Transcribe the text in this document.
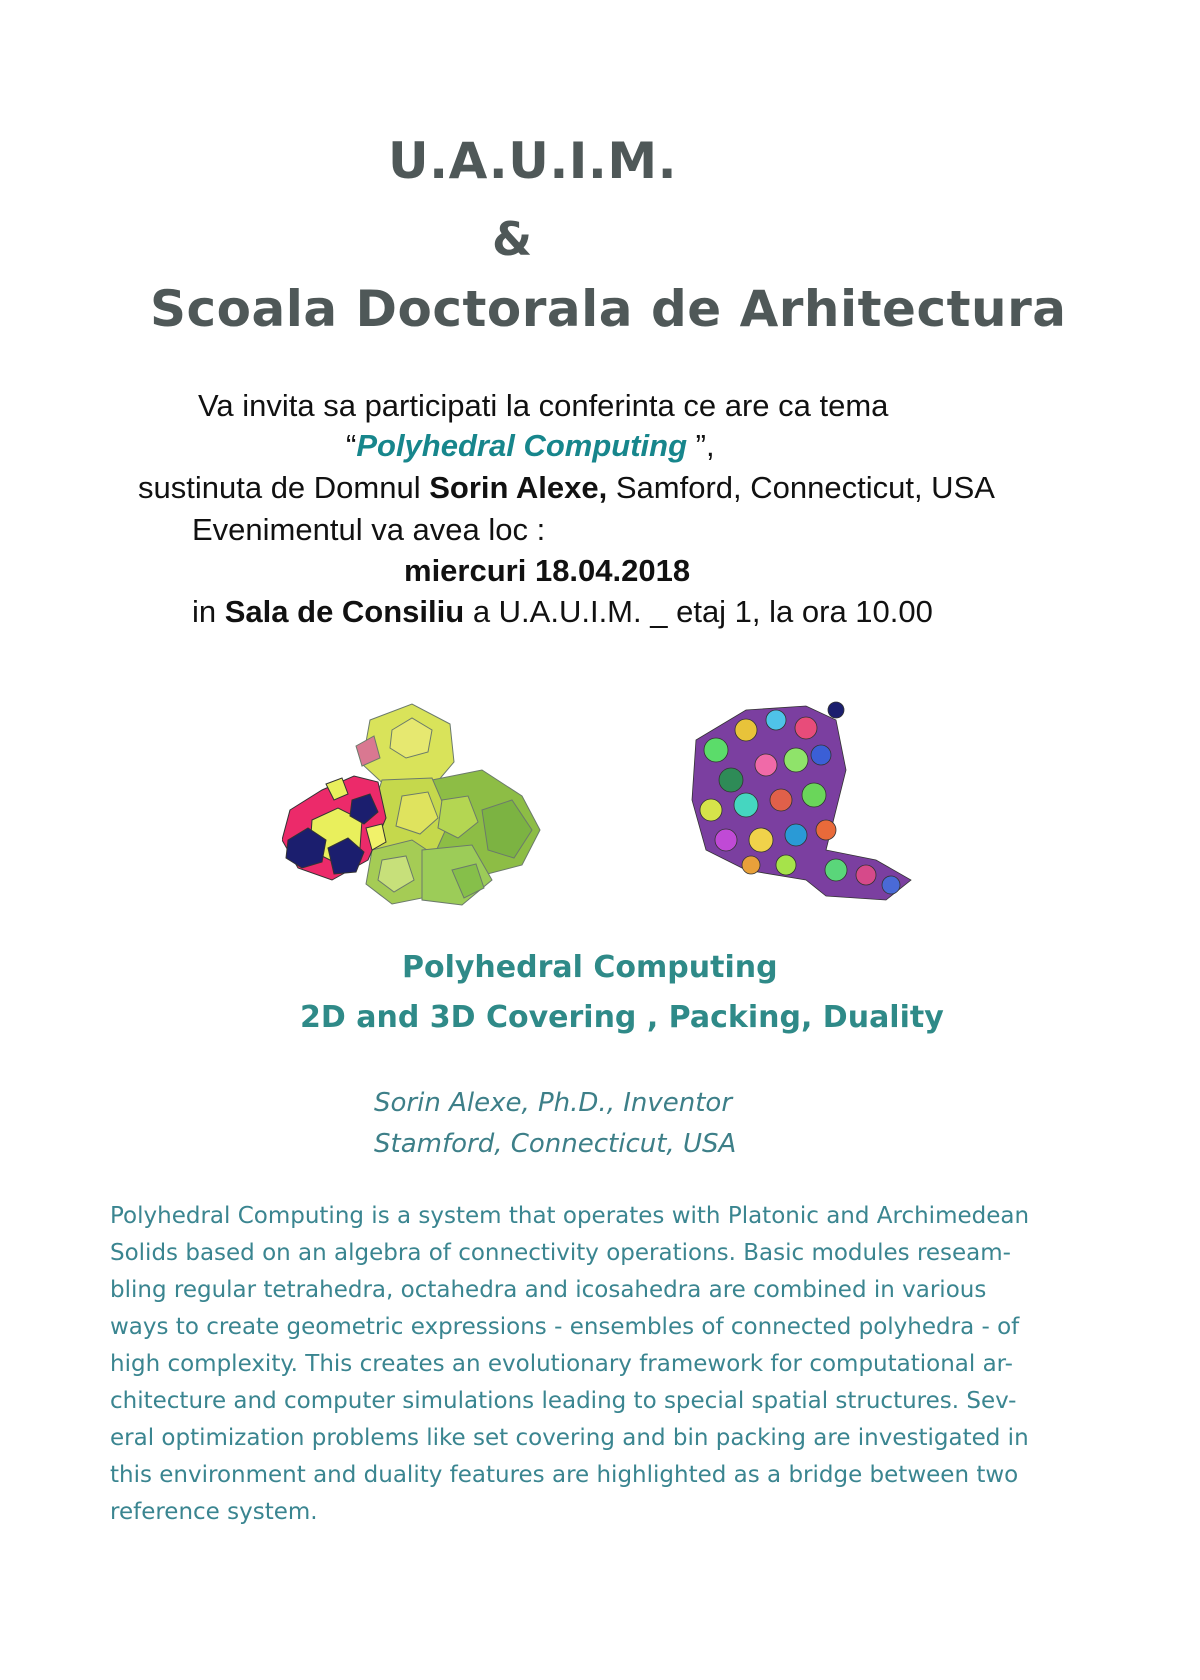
U.A.U.I.M.
&
Scoala Doctorala de Arhitectura
Va invita sa participati la conferinta ce are ca tema
“Polyhedral Computing ”,
sustinuta de Domnul Sorin Alexe, Samford, Connecticut, USA
Evenimentul va avea loc :
miercuri 18.04.2018
in Sala de Consiliu a U.A.U.I.M. _ etaj 1, la ora 10.00
Polyhedral Computing
2D and 3D Covering , Packing, Duality
Sorin Alexe, Ph.D., Inventor
Stamford, Connecticut, USA
Polyhedral Computing is a system that operates with Platonic and Archimedean
Solids based on an algebra of connectivity operations. Basic modules reseam-
bling regular tetrahedra, octahedra and icosahedra are combined in various
ways to create geometric expressions - ensembles of connected polyhedra - of
high complexity. This creates an evolutionary framework for computational ar-
chitecture and computer simulations leading to special spatial structures. Sev-
eral optimization problems like set covering and bin packing are investigated in
this environment and duality features are highlighted as a bridge between two
reference system.
